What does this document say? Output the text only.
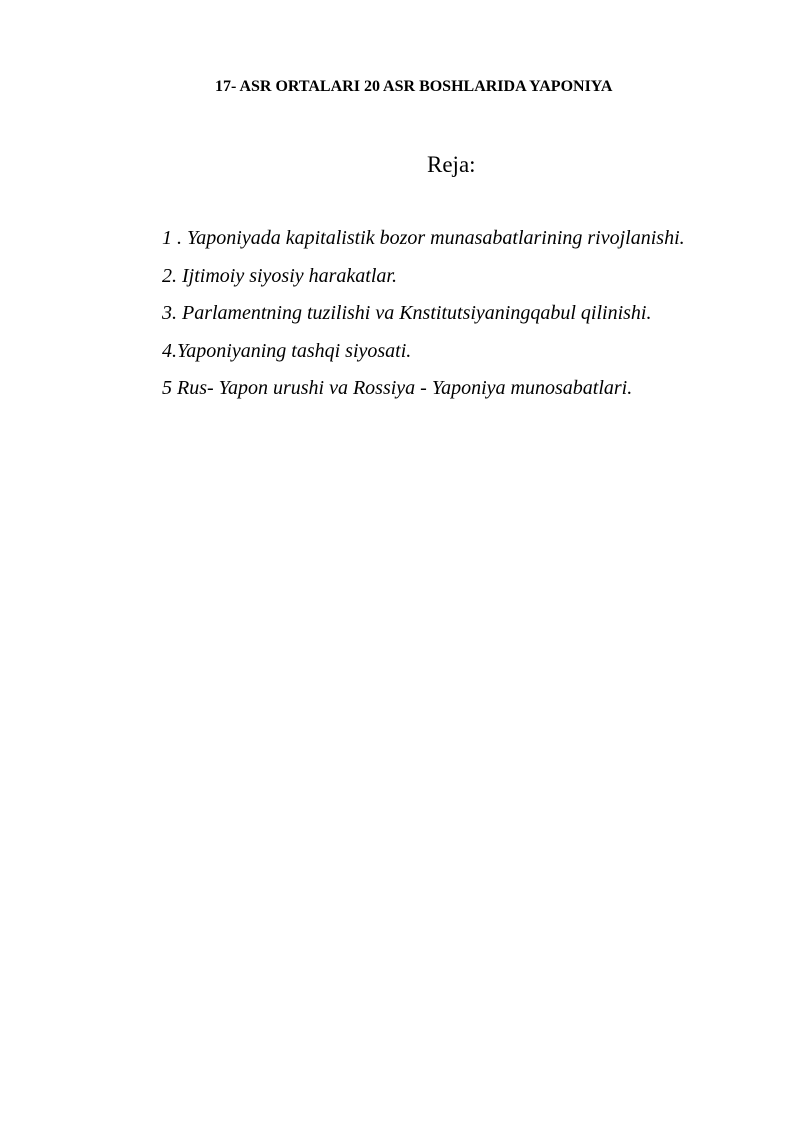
17- ASR ORTALARI 20 ASR BOSHLARIDA YAPONIYA
Reja:
1 . Yaponiyada kapitalistik bozor munasabatlarining rivojlanishi.
2. Ijtimoiy siyosiy harakatlar.
3. Parlamentning tuzilishi va Knstitutsiyaningqabul qilinishi.
4.Yaponiyaning tashqi siyosati.
5 Rus- Yapon urushi va Rossiya - Yaponiya munosabatlari.
